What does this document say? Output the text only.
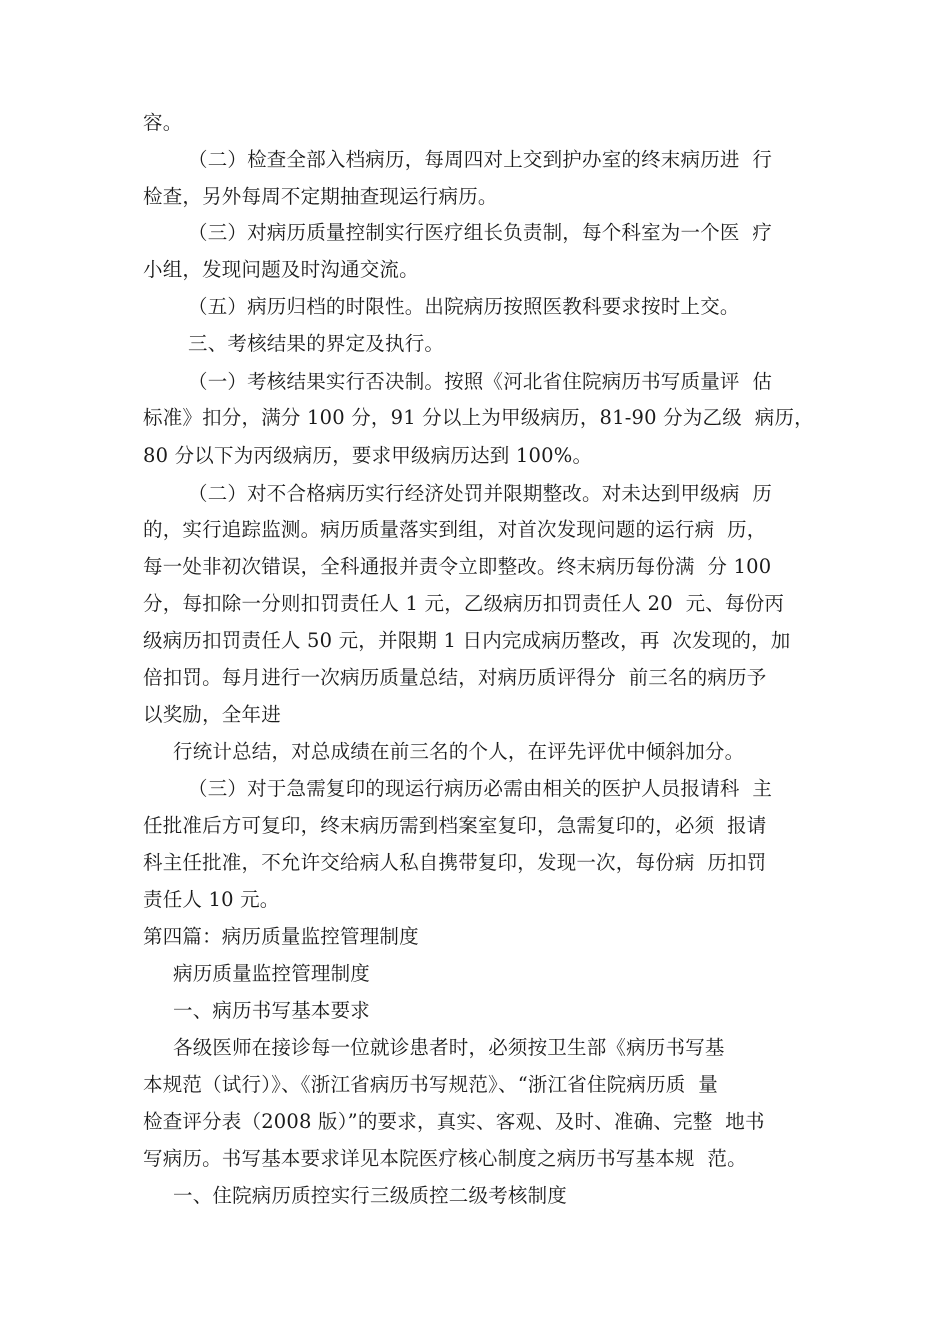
容。
（二）检查全部入档病历，每周四对上交到护办室的终末病历进  行
检查，另外每周不定期抽查现运行病历。
（三）对病历质量控制实行医疗组长负责制，每个科室为一个医  疗
小组，发现问题及时沟通交流。
（五）病历归档的时限性。出院病历按照医教科要求按时上交。
三、考核结果的界定及执行。
（一）考核结果实行否决制。按照《河北省住院病历书写质量评  估
标准》扣分，满分 100 分，91 分以上为甲级病历，81-90 分为乙级  病历，
80 分以下为丙级病历，要求甲级病历达到 100%。
（二）对不合格病历实行经济处罚并限期整改。对未达到甲级病  历
的，实行追踪监测。病历质量落实到组，对首次发现问题的运行病  历，
每一处非初次错误，全科通报并责令立即整改。终末病历每份满  分 100
分，每扣除一分则扣罚责任人 1 元，乙级病历扣罚责任人 20  元、每份丙
级病历扣罚责任人 50 元，并限期 1 日内完成病历整改，再  次发现的，加
倍扣罚。每月进行一次病历质量总结，对病历质评得分  前三名的病历予
以奖励，全年进
行统计总结，对总成绩在前三名的个人，在评先评优中倾斜加分。
（三）对于急需复印的现运行病历必需由相关的医护人员报请科  主
任批准后方可复印，终末病历需到档案室复印，急需复印的，必须  报请
科主任批准，不允许交给病人私自携带复印，发现一次，每份病  历扣罚
责任人 10 元。
第四篇：病历质量监控管理制度
病历质量监控管理制度
一、病历书写基本要求
各级医师在接诊每一位就诊患者时，必须按卫生部《病历书写基
本规范（试行）》、《浙江省病历书写规范》、“浙江省住院病历质  量
检查评分表（2008 版）”的要求，真实、客观、及时、准确、完整  地书
写病历。书写基本要求详见本院医疗核心制度之病历书写基本规  范。
一、住院病历质控实行三级质控二级考核制度
